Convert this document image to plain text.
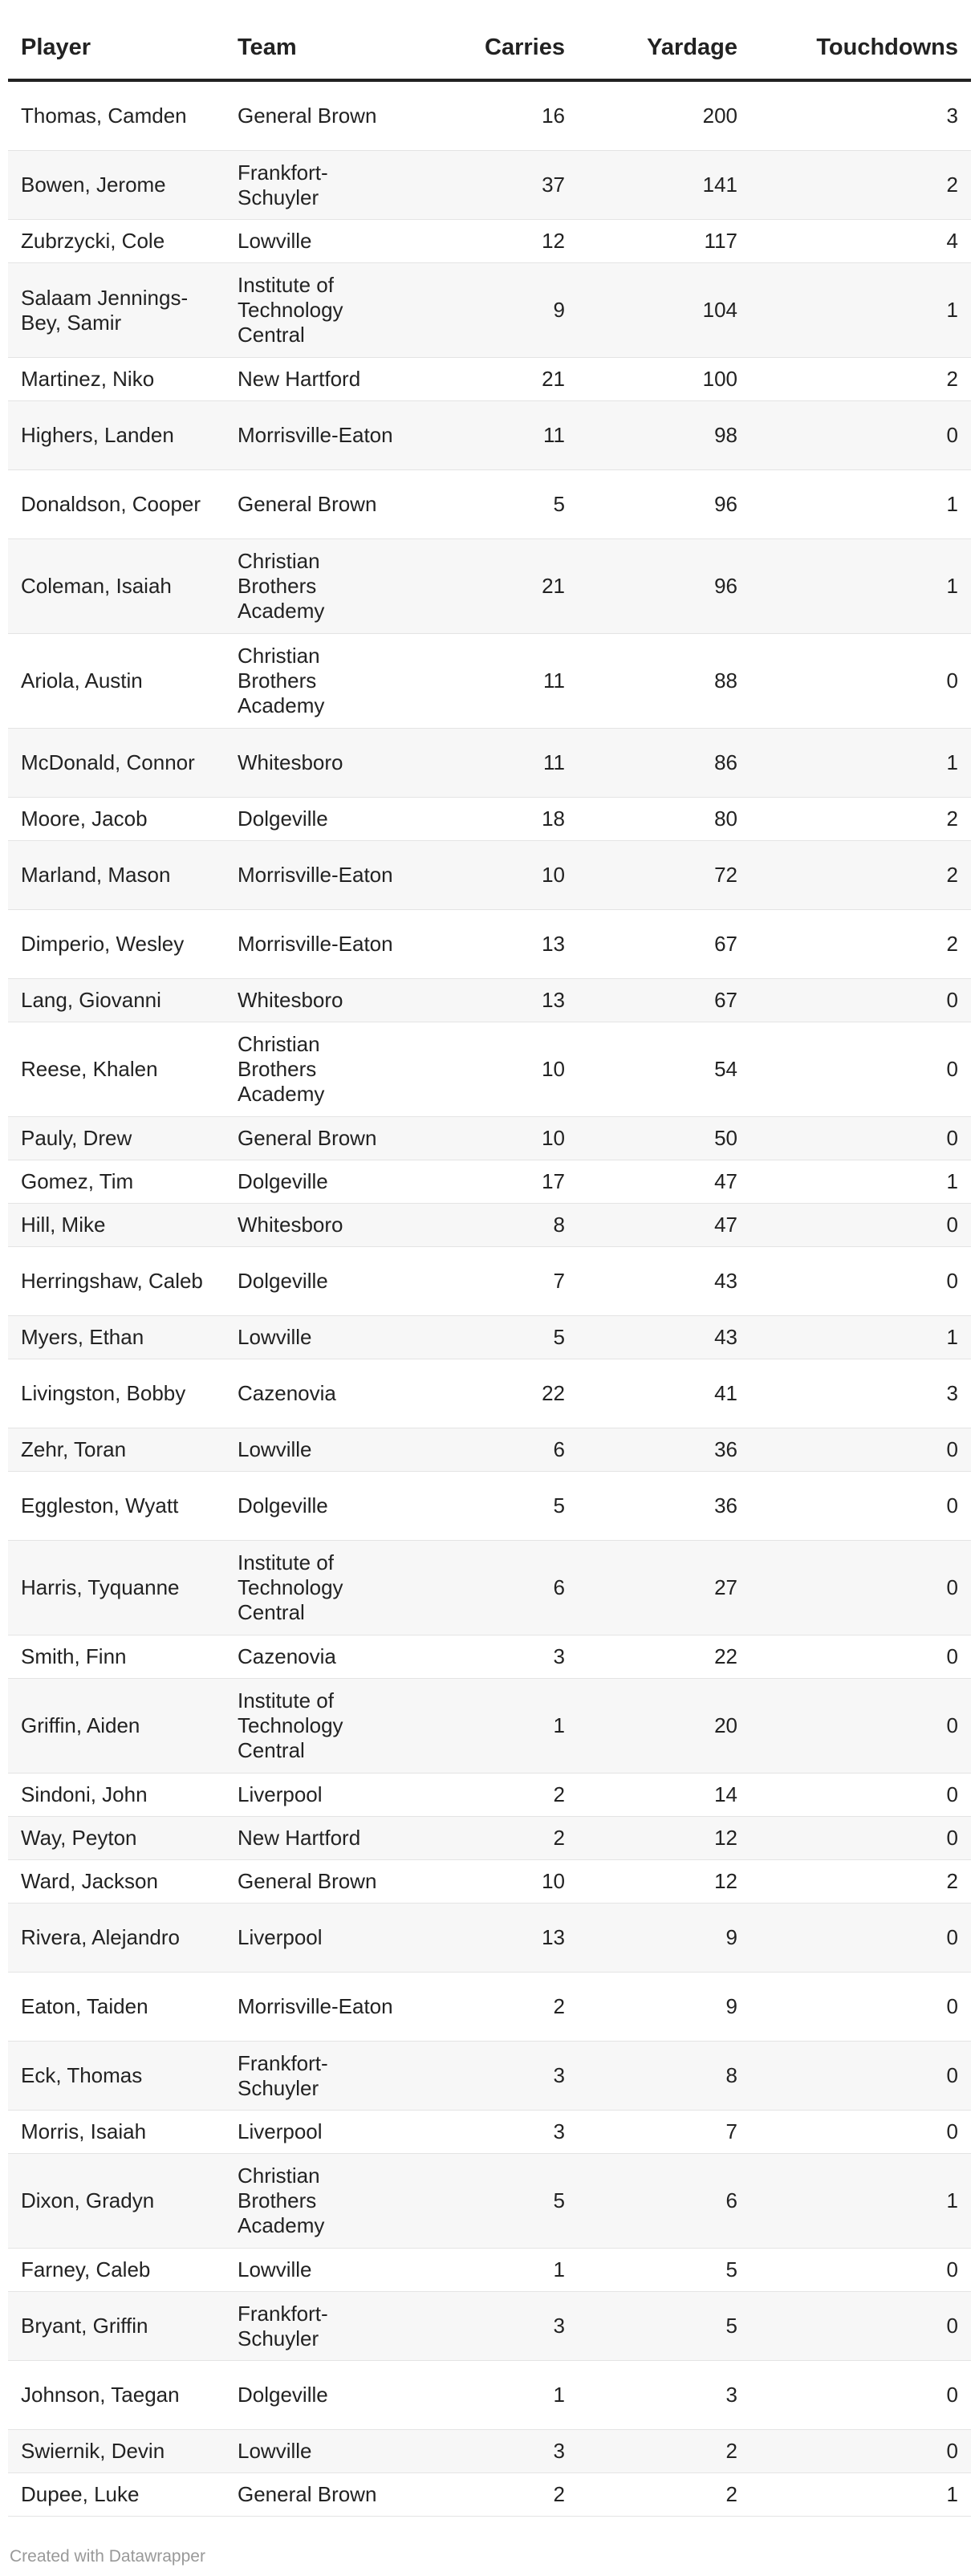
Player	Team	Carries	Yardage	Touchdowns
Thomas, Camden	General Brown	16	200	3
Bowen, Jerome	Frankfort-Schuyler	37	141	2
Zubrzycki, Cole	Lowville	12	117	4
Salaam Jennings-Bey, Samir	Institute of Technology Central	9	104	1
Martinez, Niko	New Hartford	21	100	2
Highers, Landen	Morrisville-Eaton	11	98	0
Donaldson, Cooper	General Brown	5	96	1
Coleman, Isaiah	Christian Brothers Academy	21	96	1
Ariola, Austin	Christian Brothers Academy	11	88	0
McDonald, Connor	Whitesboro	11	86	1
Moore, Jacob	Dolgeville	18	80	2
Marland, Mason	Morrisville-Eaton	10	72	2
Dimperio, Wesley	Morrisville-Eaton	13	67	2
Lang, Giovanni	Whitesboro	13	67	0
Reese, Khalen	Christian Brothers Academy	10	54	0
Pauly, Drew	General Brown	10	50	0
Gomez, Tim	Dolgeville	17	47	1
Hill, Mike	Whitesboro	8	47	0
Herringshaw, Caleb	Dolgeville	7	43	0
Myers, Ethan	Lowville	5	43	1
Livingston, Bobby	Cazenovia	22	41	3
Zehr, Toran	Lowville	6	36	0
Eggleston, Wyatt	Dolgeville	5	36	0
Harris, Tyquanne	Institute of Technology Central	6	27	0
Smith, Finn	Cazenovia	3	22	0
Griffin, Aiden	Institute of Technology Central	1	20	0
Sindoni, John	Liverpool	2	14	0
Way, Peyton	New Hartford	2	12	0
Ward, Jackson	General Brown	10	12	2
Rivera, Alejandro	Liverpool	13	9	0
Eaton, Taiden	Morrisville-Eaton	2	9	0
Eck, Thomas	Frankfort-Schuyler	3	8	0
Morris, Isaiah	Liverpool	3	7	0
Dixon, Gradyn	Christian Brothers Academy	5	6	1
Farney, Caleb	Lowville	1	5	0
Bryant, Griffin	Frankfort-Schuyler	3	5	0
Johnson, Taegan	Dolgeville	1	3	0
Swiernik, Devin	Lowville	3	2	0
Dupee, Luke	General Brown	2	2	1
Created with Datawrapper
